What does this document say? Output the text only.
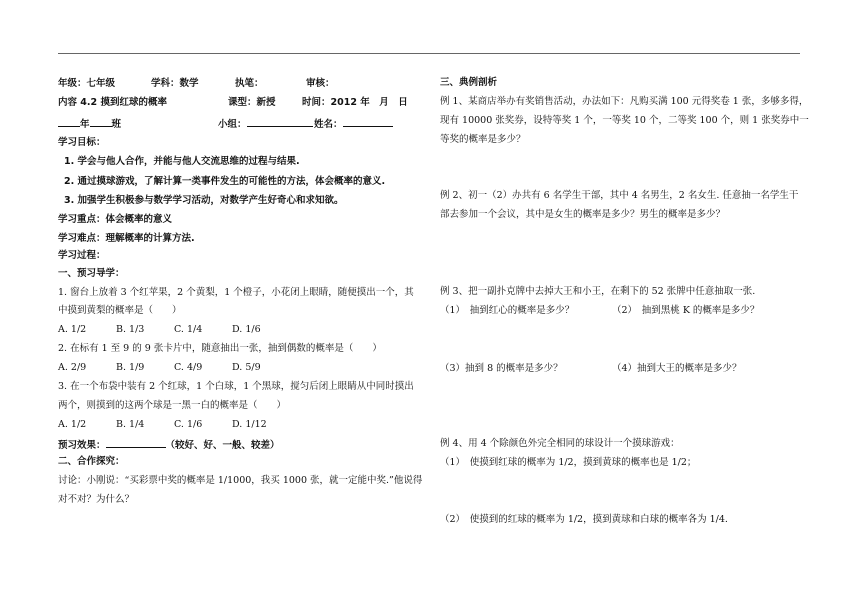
年级：七年级	学科：数学	执笔：	审核：
内容 4.2 摸到红球的概率	课型：新授	时间：2012 年　月　日
年 班	小组：	姓名：
学习目标：
1. 学会与他人合作，并能与他人交流思维的过程与结果.
2. 通过摸球游戏，了解计算一类事件发生的可能性的方法，体会概率的意义.
3. 加强学生积极参与数学学习活动，对数学产生好奇心和求知欲。
学习重点：体会概率的意义
学习难点：理解概率的计算方法.
学习过程：
一、预习导学：
1. 窗台上放着 3 个红苹果，2 个黄梨，1 个橙子，小花闭上眼睛，随便摸出一个，其
中摸到黄梨的概率是（　　）
A. 1/2	B. 1/3	C. 1/4	D. 1/6
2. 在标有 1 至 9 的 9 张卡片中，随意抽出一张，抽到偶数的概率是（　　）
A. 2/9	B. 1/9	C. 4/9	D. 5/9
3. 在一个布袋中装有 2 个红球，1 个白球，1 个黑球，搅匀后闭上眼睛从中同时摸出
两个，则摸到的这两个球是一黑一白的概率是（　　）
A. 1/2	B. 1/4	C. 1/6	D. 1/12
预习效果：	（较好、好、一般、较差）
二、合作探究：
讨论：小刚说：“买彩票中奖的概率是 1/1000，我买 1000 张，就一定能中奖.”他说得
对不对？为什么？
三、典例剖析
例 1、某商店举办有奖销售活动，办法如下：凡购买满 100 元得奖卷 1 张，多够多得，
现有 10000 张奖券，设特等奖 1 个，一等奖 10 个，二等奖 100 个，则 1 张奖券中一
等奖的概率是多少？
例 2、初一（2）办共有 6 名学生干部，其中 4 名男生，2 名女生. 任意抽一名学生干
部去参加一个会议，其中是女生的概率是多少？男生的概率是多少？
例 3、把一副扑克牌中去掉大王和小王，在剩下的 52 张牌中任意抽取一张.
（1）　抽到红心的概率是多少？	（2）　抽到黑桃 K 的概率是多少？
（3）抽到 8 的概率是多少？	（4）抽到大王的概率是多少？
例 4、用 4 个除颜色外完全相同的球设计一个摸球游戏：
（1）　使摸到红球的概率为 1/2，摸到黄球的概率也是 1/2；
（2）　使摸到的红球的概率为 1/2，摸到黄球和白球的概率各为 1/4.
